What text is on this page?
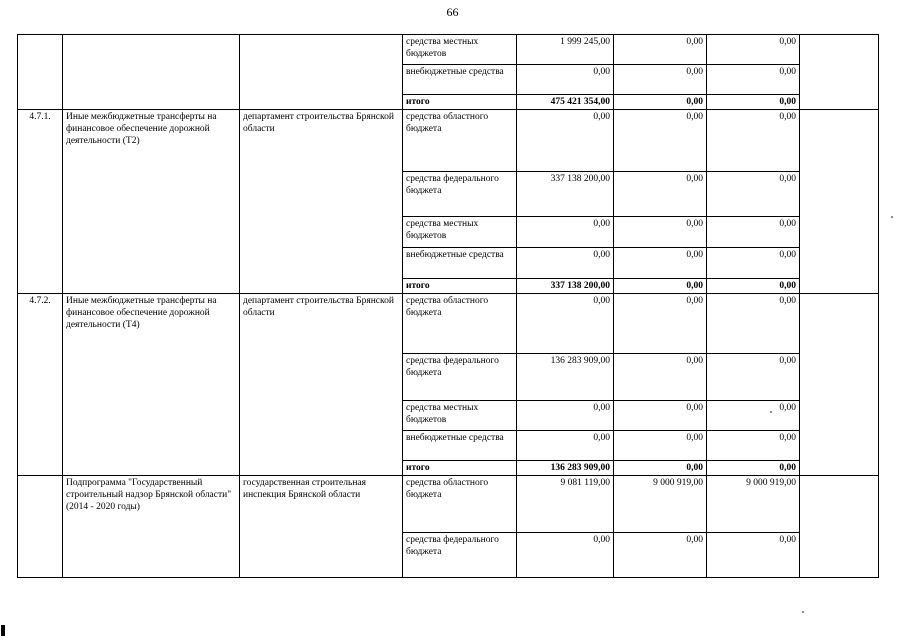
66
			средства местных бюджетов	1 999 245,00	0,00	0,00	
			внебюджетные средства	0,00	0,00	0,00	
			итого	475 421 354,00	0,00	0,00	
4.7.1.	Иные межбюджетные трансферты на финансовое обеспечение дорожной деятельности (Т2)	департамент строительства Брянской области	средства областного бюджета	0,00	0,00	0,00	
			средства федерального бюджета	337 138 200,00	0,00	0,00	
			средства местных бюджетов	0,00	0,00	0,00	
			внебюджетные средства	0,00	0,00	0,00	
			итого	337 138 200,00	0,00	0,00	
4.7.2.	Иные межбюджетные трансферты на финансовое обеспечение дорожной деятельности (Т4)	департамент строительства Брянской области	средства областного бюджета	0,00	0,00	0,00	
			средства федерального бюджета	136 283 909,00	0,00	0,00	
			средства местных бюджетов	0,00	0,00	0,00	
			внебюджетные средства	0,00	0,00	0,00	
			итого	136 283 909,00	0,00	0,00	
	Подпрограмма "Государственный строительный надзор Брянской области" (2014 - 2020 годы)	государственная строительная инспекция Брянской области	средства областного бюджета	9 081 119,00	9 000 919,00	9 000 919,00	
			средства федерального бюджета	0,00	0,00	0,00	
